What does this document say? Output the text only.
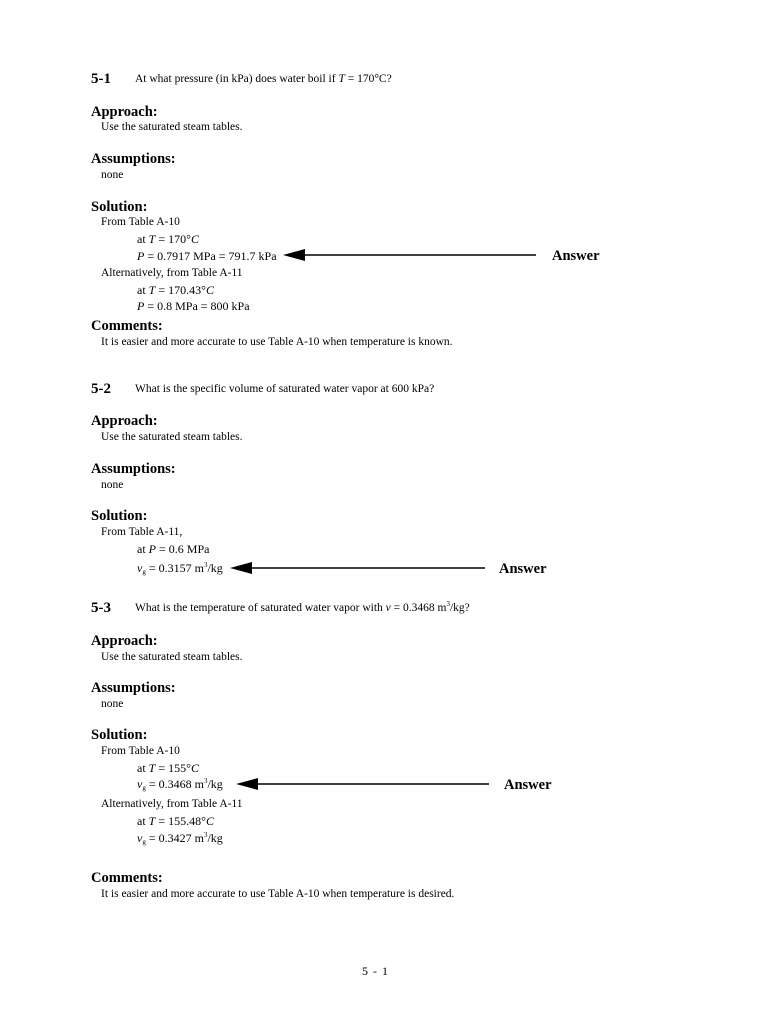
5-1 At what pressure (in kPa) does water boil if T = 170°C?
Approach:
Use the saturated steam tables.
Assumptions:
none
Solution:
From Table A-10
at T = 170°C
P = 0.7917 MPa = 791.7 kPa	Answer
Alternatively, from Table A-11
at T = 170.43°C
P = 0.8 MPa = 800 kPa
Comments:
It is easier and more accurate to use Table A-10 when temperature is known.
5-2 What is the specific volume of saturated water vapor at 600 kPa?
Approach:
Use the saturated steam tables.
Assumptions:
none
Solution:
From Table A-11,
at P = 0.6 MPa
$v_g = 0.3157$ $m^3/kg$	Answer
5-3 What is the temperature of saturated water vapor with v = 0.3468 $m^3/kg$?
Approach:
Use the saturated steam tables.
Assumptions:
none
Solution:
From Table A-10
at T = 155°C
$v_g = 0.3468$ $m^3/kg$	Answer
Alternatively, from Table A-11
at T = 155.48°C
$v_g = 0.3427$ $m^3/kg$
Comments:
It is easier and more accurate to use Table A-10 when temperature is desired.
5 - 1
